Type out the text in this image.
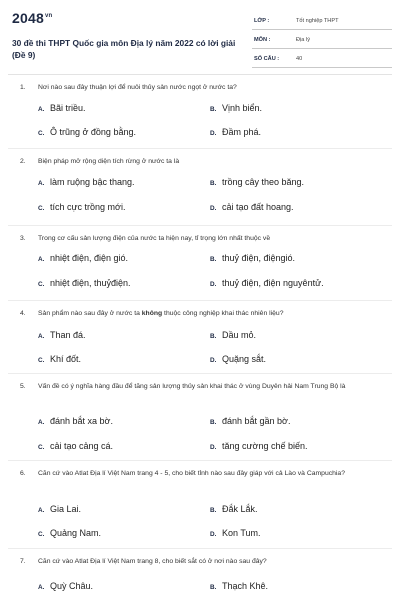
$2048^{vn}$
30 đề thi THPT Quốc gia môn Địa lý năm 2022 có lời giải (Đề 9)
LỚP :	Tốt nghiệp THPT
MÔN :	Địa lý
SỐ CÂU :	40
1. Nơi nào sau đây thuận lợi để nuôi thủy sản nước ngọt ở nước ta?
A. Bãi triều.	B. Vịnh biển.
C. Ô trũng ở đồng bằng.	D. Đầm phá.
2. Biện pháp mở rộng diện tích rừng ở nước ta là
A. làm ruộng bậc thang.	B. trồng cây theo băng.
C. tích cực trồng mới.	D. cải tạo đất hoang.
3. Trong cơ cấu sản lượng điện của nước ta hiện nay, tỉ trọng lớn nhất thuộc về
A. nhiệt điện, điện gió.	B. thuỷ điện, điệngió.
C. nhiệt điện, thuỷđiện.	D. thuỷ điện, điện nguyêntử.
4. Sản phẩm nào sau đây ở nước ta không thuộc công nghiệp khai thác nhiên liệu?
A. Than đá.	B. Dầu mỏ.
C. Khí đốt.	D. Quặng sắt.
5. Vấn đề có ý nghĩa hàng đầu để tăng sản lượng thủy sản khai thác ở vùng Duyên hải Nam Trung Bộ là
A. đánh bắt xa bờ.	B. đánh bắt gần bờ.
C. cải tạo cảng cá.	D. tăng cường chế biến.
6. Căn cứ vào Atlat Địa lí Việt Nam trang 4 - 5, cho biết tỉnh nào sau đây giáp với cả Lào và Campuchia?
A. Gia Lai.	B. Đắk Lắk.
C. Quảng Nam.	D. Kon Tum.
7. Căn cứ vào Atlat Địa lí Việt Nam trang 8, cho biết sắt có ở nơi nào sau đây?
A. Quỳ Châu.	B. Thạch Khê.
